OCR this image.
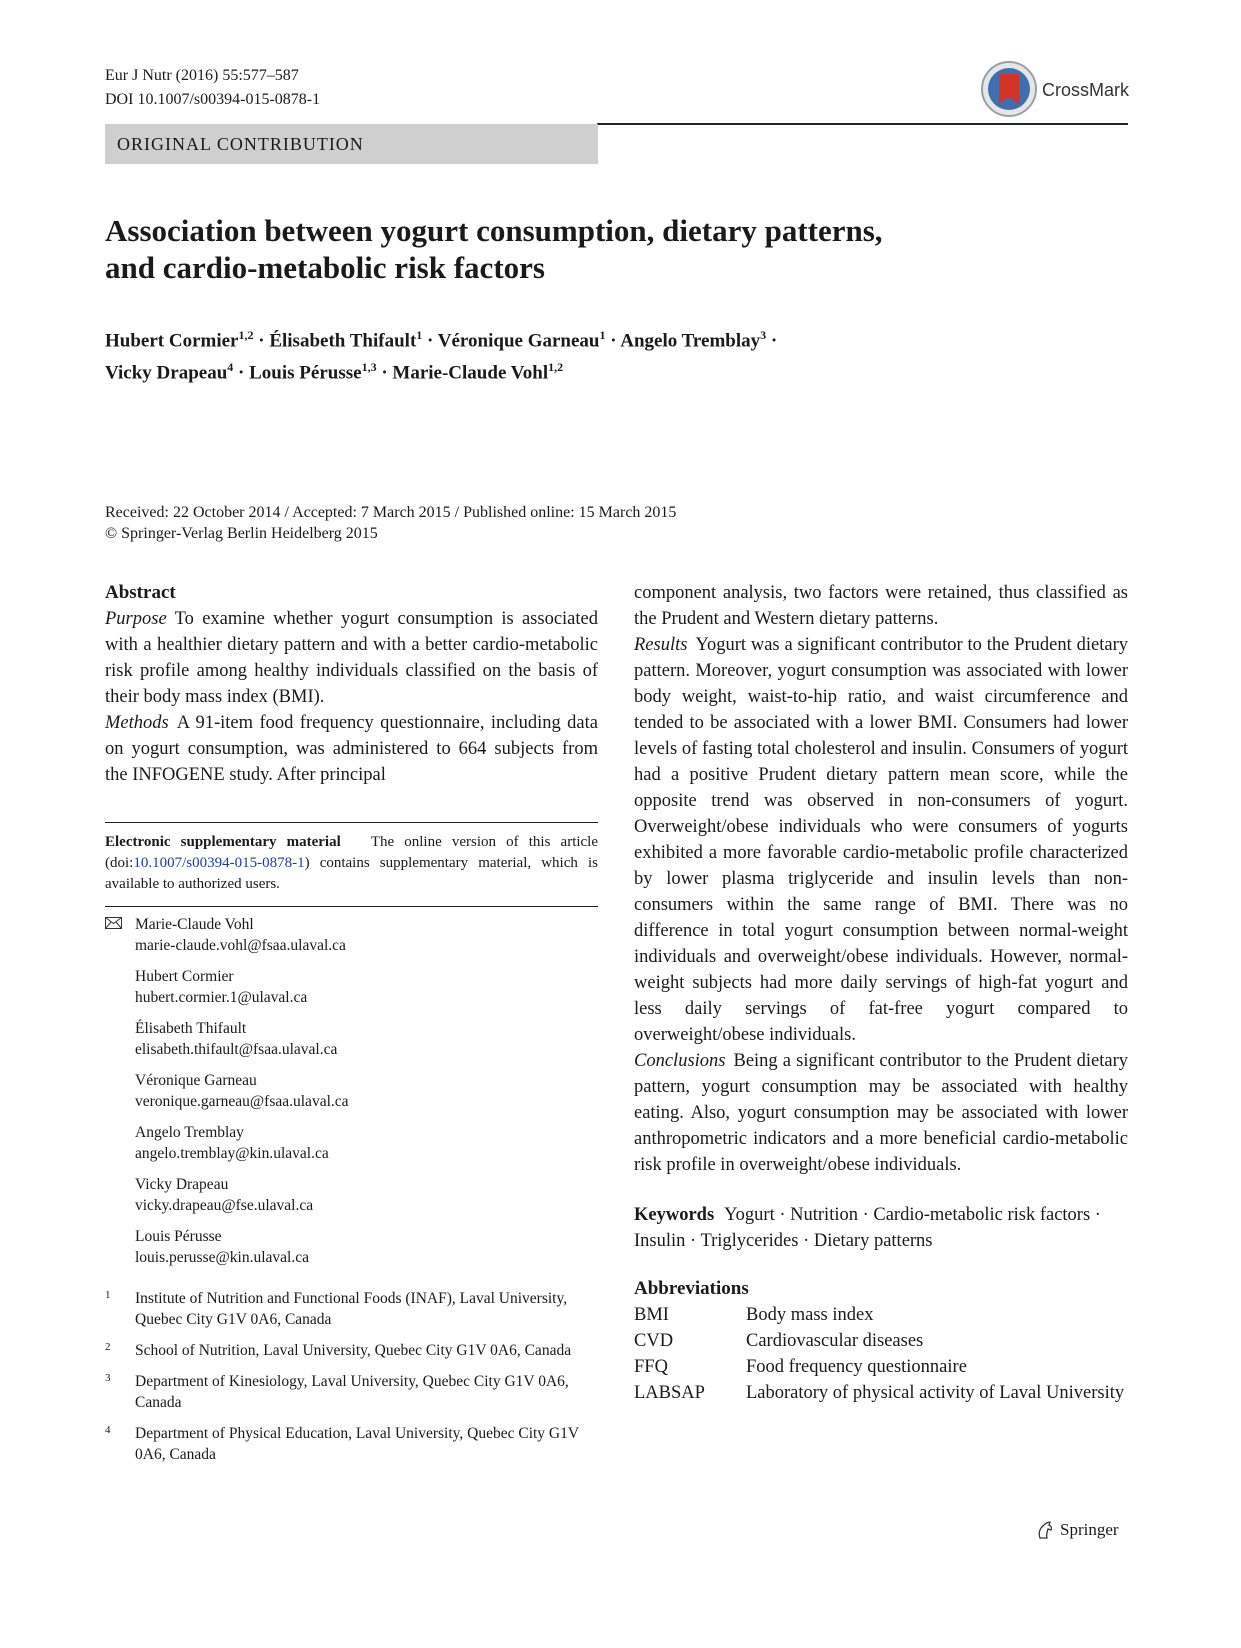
Eur J Nutr (2016) 55:577–587
DOI 10.1007/s00394-015-0878-1	CrossMark
ORIGINAL CONTRIBUTION
Association between yogurt consumption, dietary patterns,
and cardio-metabolic risk factors
Hubert Cormier$^{1,2}$ · Élisabeth Thifault$^1$ · Véronique Garneau$^1$ · Angelo Tremblay$^3$ ·
Vicky Drapeau$^4$ · Louis Pérusse$^{1,3}$ · Marie-Claude Vohl$^{1,2}$
Received: 22 October 2014 / Accepted: 7 March 2015 / Published online: 15 March 2015
© Springer-Verlag Berlin Heidelberg 2015
Abstract

Purpose To examine whether yogurt consumption is associated with a healthier dietary pattern and with a better cardio-metabolic risk profile among healthy individuals classified on the basis of their body mass index (BMI).

Methods A 91-item food frequency questionnaire, including data on yogurt consumption, was administered to 664 subjects from the INFOGENE study. After principal

Electronic supplementary material The online version of this article (doi:10.1007/s00394-015-0878-1) contains supplementary material, which is available to authorized users.
Marie-Claude Vohl
marie-claude.vohl@fsaa.ulaval.ca
Hubert Cormier
hubert.cormier.1@ulaval.ca
Élisabeth Thifault
elisabeth.thifault@fsaa.ulaval.ca
Véronique Garneau
veronique.garneau@fsaa.ulaval.ca
Angelo Tremblay
angelo.tremblay@kin.ulaval.ca
Vicky Drapeau
vicky.drapeau@fse.ulaval.ca
Louis Pérusse
louis.perusse@kin.ulaval.ca
1 Institute of Nutrition and Functional Foods (INAF), Laval University, Quebec City G1V 0A6, Canada
2 School of Nutrition, Laval University, Quebec City G1V 0A6, Canada
3 Department of Kinesiology, Laval University, Quebec City G1V 0A6, Canada
4 Department of Physical Education, Laval University, Quebec City G1V 0A6, Canada

component analysis, two factors were retained, thus classified as the Prudent and Western dietary patterns.

Results Yogurt was a significant contributor to the Prudent dietary pattern. Moreover, yogurt consumption was associated with lower body weight, waist-to-hip ratio, and waist circumference and tended to be associated with a lower BMI. Consumers had lower levels of fasting total cholesterol and insulin. Consumers of yogurt had a positive Prudent dietary pattern mean score, while the opposite trend was observed in non-consumers of yogurt. Overweight/obese individuals who were consumers of yogurts exhibited a more favorable cardio-metabolic profile characterized by lower plasma triglyceride and insulin levels than non-consumers within the same range of BMI. There was no difference in total yogurt consumption between normal-weight individuals and overweight/obese individuals. However, normal-weight subjects had more daily servings of high-fat yogurt and less daily servings of fat-free yogurt compared to overweight/obese individuals.

Conclusions Being a significant contributor to the Prudent dietary pattern, yogurt consumption may be associated with healthy eating. Also, yogurt consumption may be associated with lower anthropometric indicators and a more beneficial cardio-metabolic risk profile in overweight/obese individuals.

Keywords Yogurt · Nutrition · Cardio-metabolic risk factors · Insulin · Triglycerides · Dietary patterns
Abbreviations
BMI	Body mass index
CVD	Cardiovascular diseases
FFQ	Food frequency questionnaire
LABSAP	Laboratory of physical activity of Laval University
Springer
